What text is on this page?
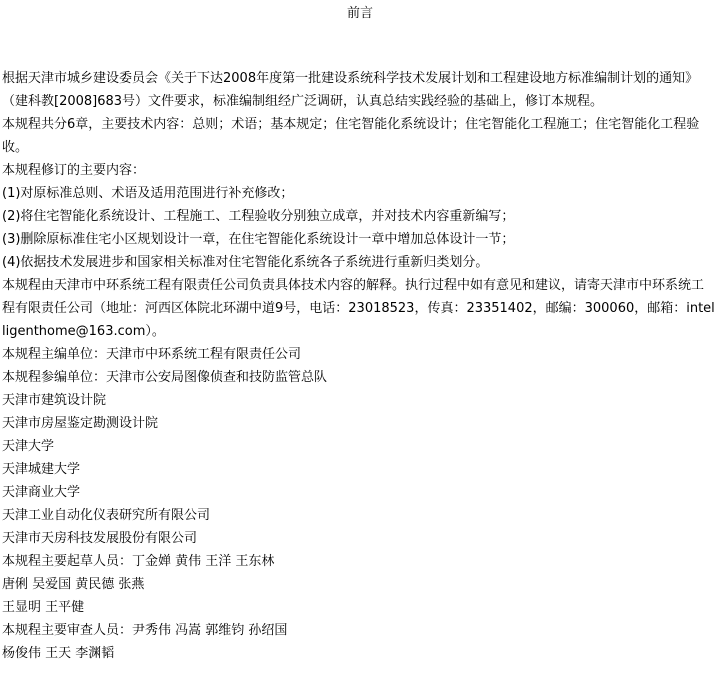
前言

根据天津市城乡建设委员会《关于下达2008年度第一批建设系统科学技术发展计划和工程建设地方标准编制计划的通知》（建科教[2008]683号）文件要求，标准编制组经广泛调研，认真总结实践经验的基础上，修订本规程。

本规程共分6章，主要技术内容：总则；术语；基本规定；住宅智能化系统设计；住宅智能化工程施工；住宅智能化工程验收。

本规程修订的主要内容：

(1)对原标准总则、术语及适用范围进行补充修改；

(2)将住宅智能化系统设计、工程施工、工程验收分别独立成章，并对技术内容重新编写；

(3)删除原标准住宅小区规划设计一章，在住宅智能化系统设计一章中增加总体设计一节；

(4)依据技术发展进步和国家相关标准对住宅智能化系统各子系统进行重新归类划分。

本规程由天津市中环系统工程有限责任公司负责具体技术内容的解释。执行过程中如有意见和建议，请寄天津市中环系统工程有限责任公司（地址：河西区体院北环湖中道9号，电话：23018523，传真：23351402，邮编：300060，邮箱：intelligenthome@163.com）。

本规程主编单位：天津市中环系统工程有限责任公司

本规程参编单位：天津市公安局图像侦查和技防监管总队

天津市建筑设计院

天津市房屋鉴定勘测设计院

天津大学

天津城建大学

天津商业大学

天津工业自动化仪表研究所有限公司

天津市天房科技发展股份有限公司

本规程主要起草人员：丁金婵 黄伟 王洋 王东林

唐俐 吴爱国 黄民德 张燕

王显明 王平健

本规程主要审查人员：尹秀伟 冯嵩 郭维钧 孙绍国

杨俊伟 王天 李渊韬
